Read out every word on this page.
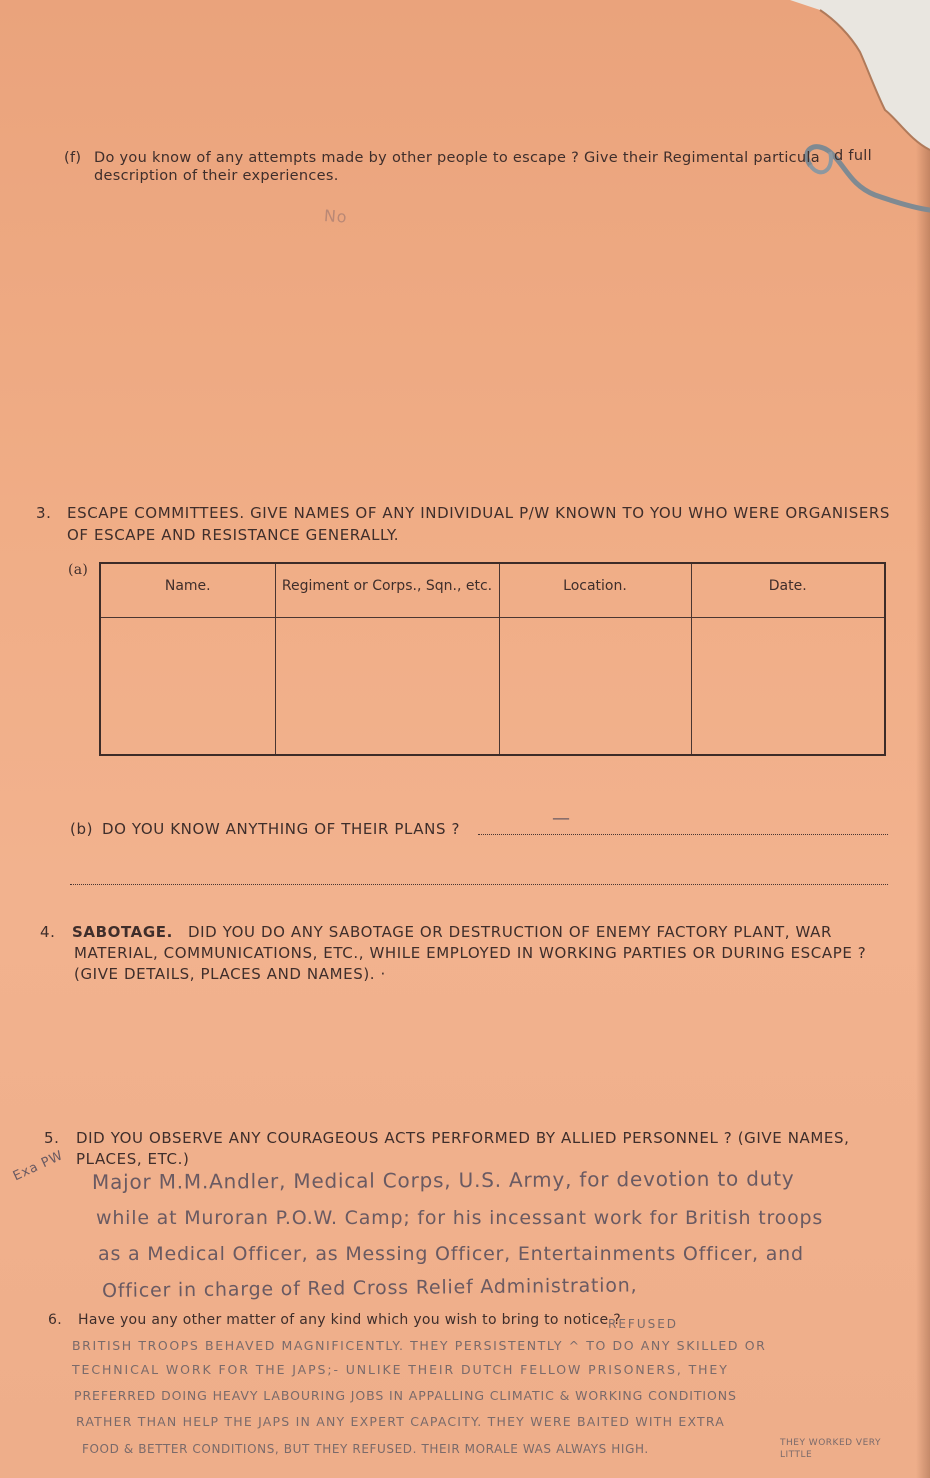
(f) Do you know of any attempts made by other people to escape ? Give their Regimental particula d full
description of their experiences.
No
3. ESCAPE COMMITTEES. GIVE NAMES OF ANY INDIVIDUAL P/W KNOWN TO YOU WHO WERE ORGANISERS
OF ESCAPE AND RESISTANCE GENERALLY.
(a)
Name.	Regiment or Corps., Sqn., etc.	Location.	Date.

(b) DO YOU KNOW ANYTHING OF THEIR PLANS ?	—
4. SABOTAGE. DID YOU DO ANY SABOTAGE OR DESTRUCTION OF ENEMY FACTORY PLANT, WAR
MATERIAL, COMMUNICATIONS, ETC., WHILE EMPLOYED IN WORKING PARTIES OR DURING ESCAPE ?
(GIVE DETAILS, PLACES AND NAMES). ·
5. DID YOU OBSERVE ANY COURAGEOUS ACTS PERFORMED BY ALLIED PERSONNEL ? (GIVE NAMES,
PLACES, ETC.)
Exa PW Major M.M.Andler, Medical Corps, U.S. Army, for devotion to duty
while at Muroran P.O.W. Camp; for his incessant work for British troops
as a Medical Officer, as Messing Officer, Entertainments Officer, and
Officer in charge of Red Cross Relief Administration,
6. Have you any other matter of any kind which you wish to bring to notice ?
REFUSED
BRITISH TROOPS BEHAVED MAGNIFICENTLY. THEY PERSISTENTLY ^ TO DO ANY SKILLED OR
TECHNICAL WORK FOR THE JAPS;- UNLIKE THEIR DUTCH FELLOW PRISONERS, THEY
PREFERRED DOING HEAVY LABOURING JOBS IN APPALLING CLIMATIC & WORKING CONDITIONS
RATHER THAN HELP THE JAPS IN ANY EXPERT CAPACITY. THEY WERE BAITED WITH EXTRA
FOOD & BETTER CONDITIONS, BUT THEY REFUSED. THEIR MORALE WAS ALWAYS HIGH.	THEY WORKED VERY LITTLE
